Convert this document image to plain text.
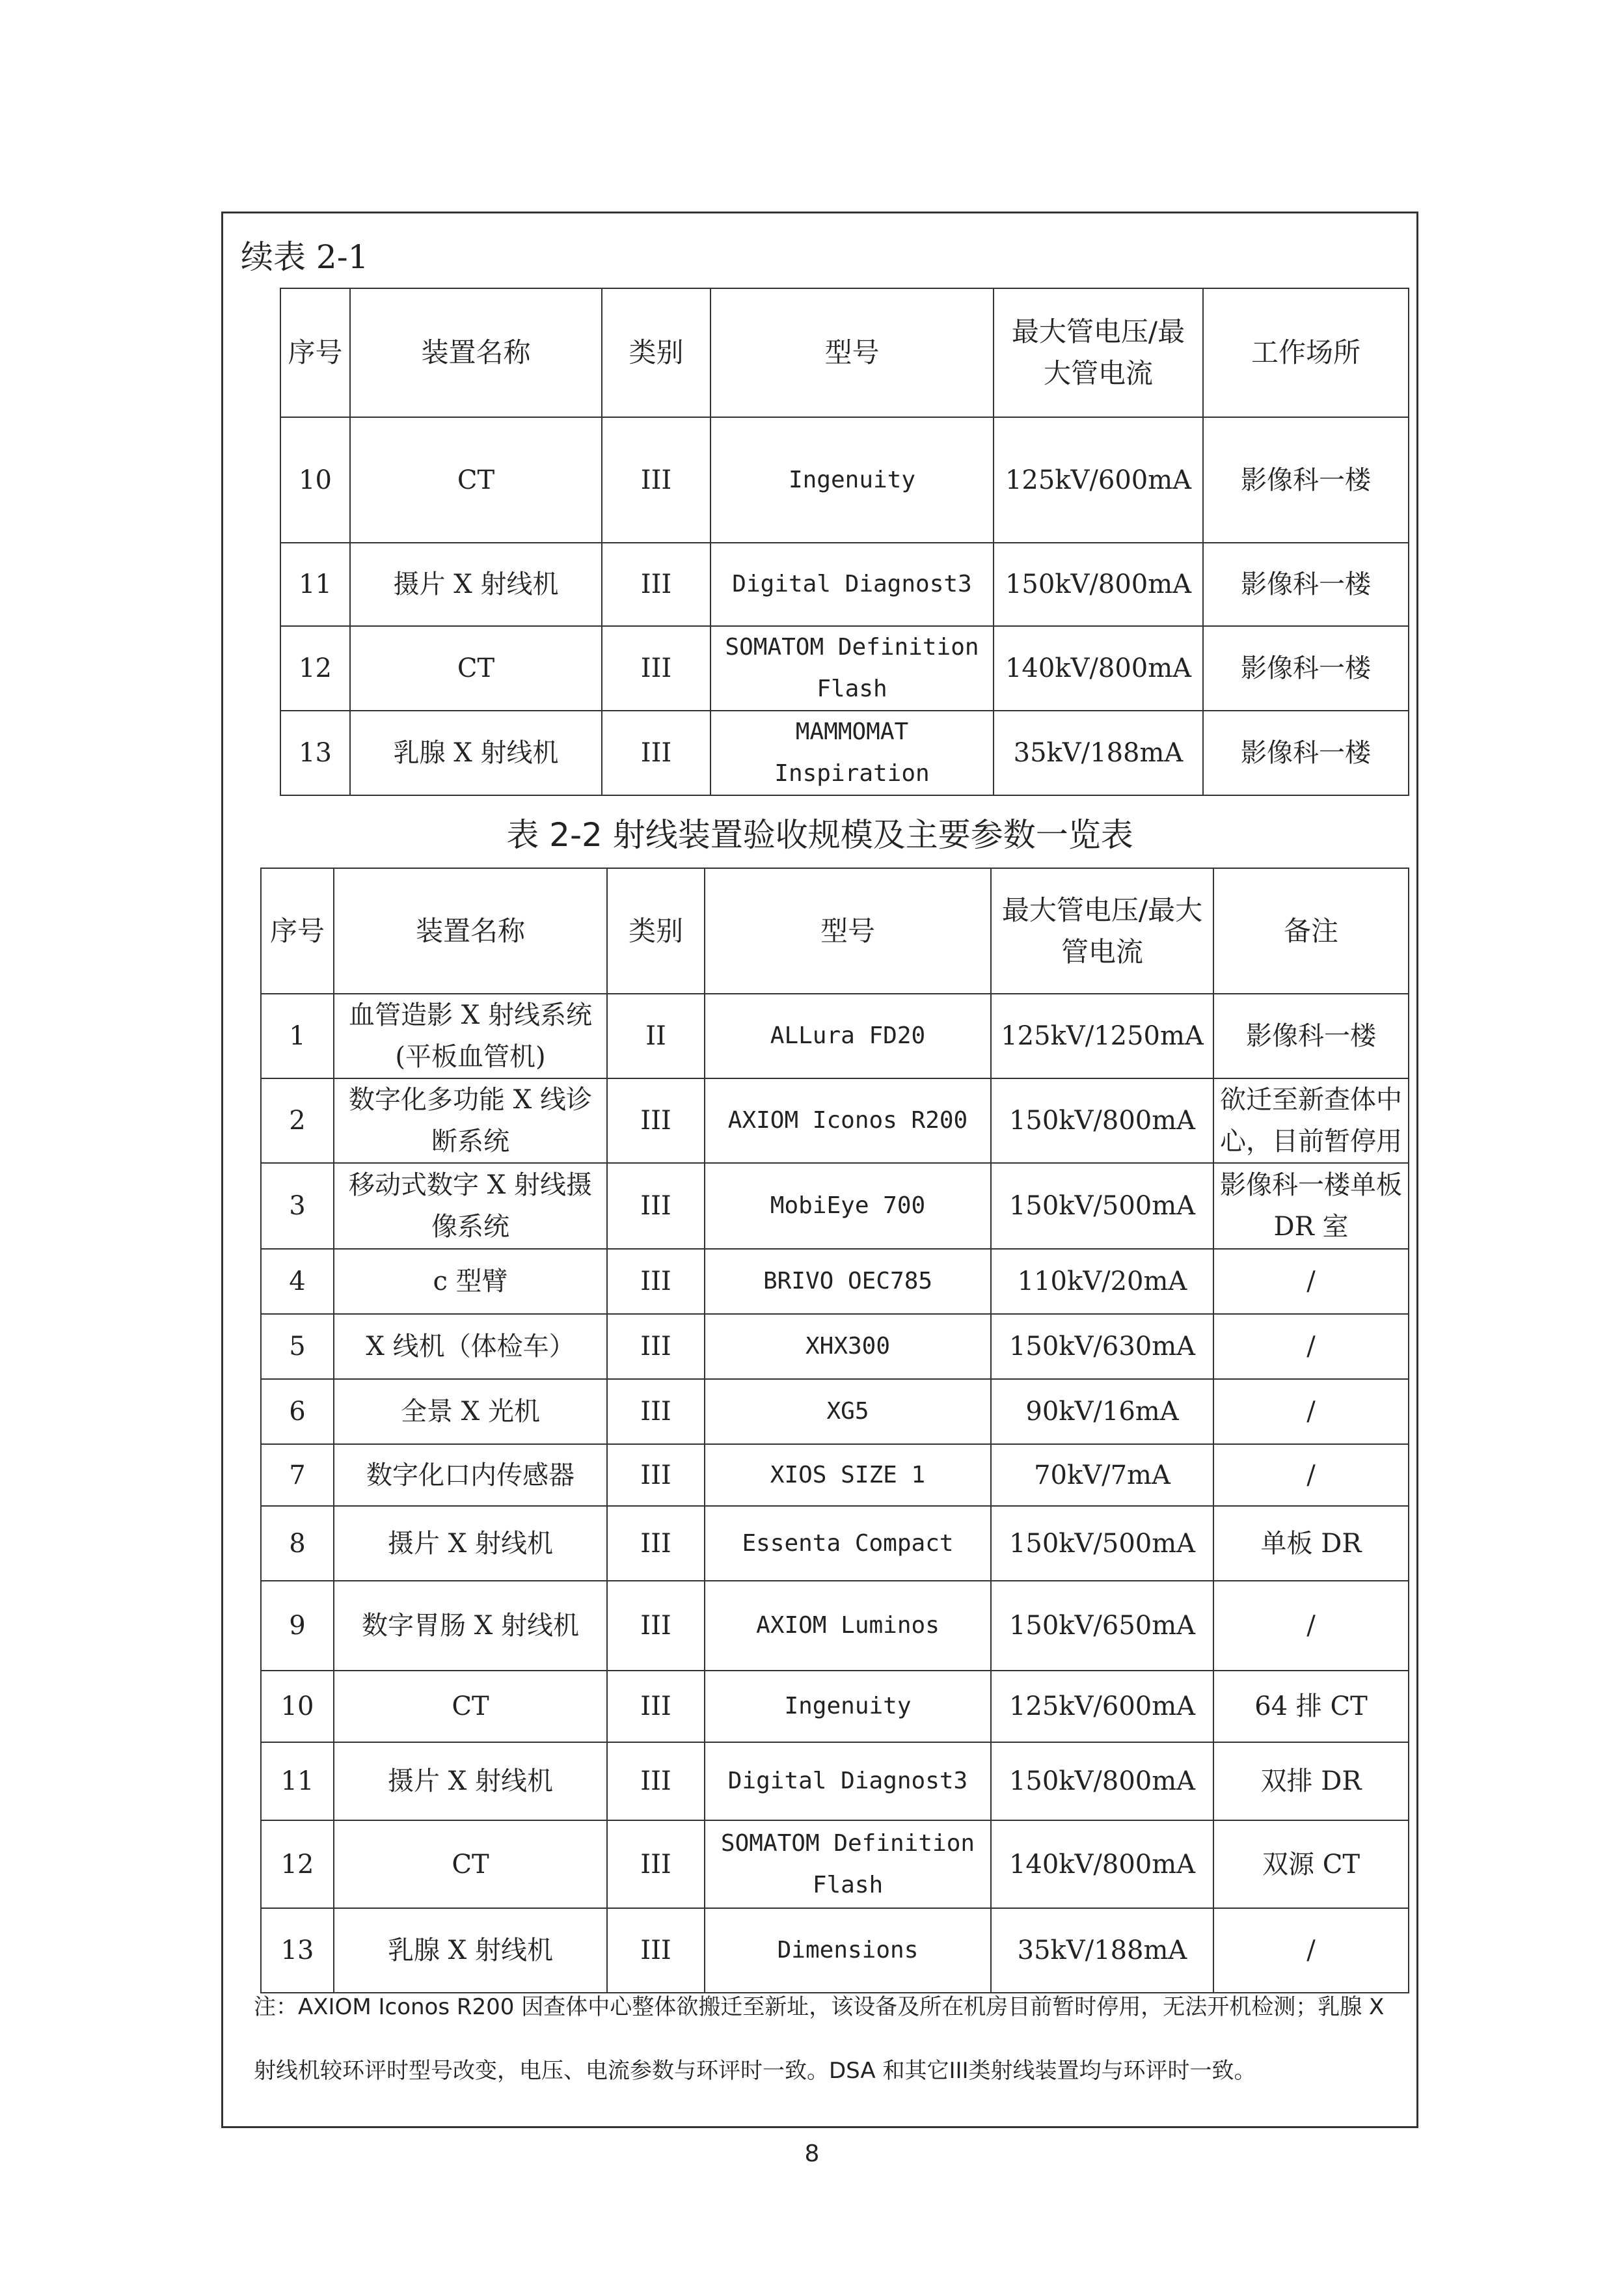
续表 2-1
序号	装置名称	类别	型号	最大管电压/最大管电流	工作场所
10	CT	III	Ingenuity	125kV/600mA	影像科一楼
11	摄片 X 射线机	III	Digital Diagnost3	150kV/800mA	影像科一楼
12	CT	III	SOMATOM Definition Flash	140kV/800mA	影像科一楼
13	乳腺 X 射线机	III	MAMMOMAT Inspiration	35kV/188mA	影像科一楼
表 2-2 射线装置验收规模及主要参数一览表
序号	装置名称	类别	型号	最大管电压/最大管电流	备注
1	血管造影 X 射线系统(平板血管机)	II	ALLura FD20	125kV/1250mA	影像科一楼
2	数字化多功能 X 线诊断系统	III	AXIOM Iconos R200	150kV/800mA	欲迁至新查体中心，目前暂停用
3	移动式数字 X 射线摄像系统	III	MobiEye 700	150kV/500mA	影像科一楼单板 DR 室
4	c 型臂	III	BRIVO OEC785	110kV/20mA	/
5	X 线机（体检车）	III	XHX300	150kV/630mA	/
6	全景 X 光机	III	XG5	90kV/16mA	/
7	数字化口内传感器	III	XIOS SIZE 1	70kV/7mA	/
8	摄片 X 射线机	III	Essenta Compact	150kV/500mA	单板 DR
9	数字胃肠 X 射线机	III	AXIOM Luminos	150kV/650mA	/
10	CT	III	Ingenuity	125kV/600mA	64 排 CT
11	摄片 X 射线机	III	Digital Diagnost3	150kV/800mA	双排 DR
12	CT	III	SOMATOM Definition Flash	140kV/800mA	双源 CT
13	乳腺 X 射线机	III	Dimensions	35kV/188mA	/
注：AXIOM Iconos R200 因查体中心整体欲搬迁至新址，该设备及所在机房目前暂时停用，无法开机检测；乳腺 X 射线机较环评时型号改变，电压、电流参数与环评时一致。DSA 和其它III类射线装置均与环评时一致。
8
